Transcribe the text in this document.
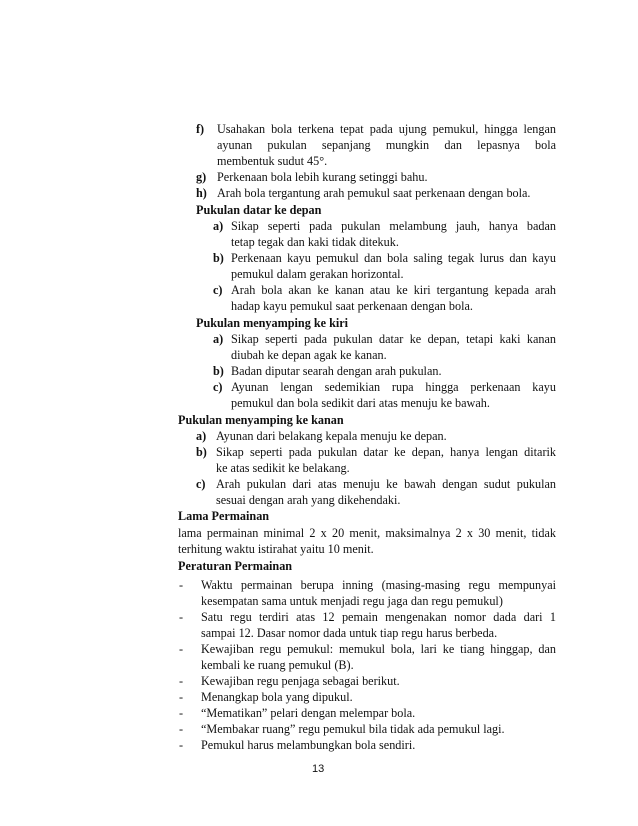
f) Usahakan bola terkena tepat pada ujung pemukul, hingga lengan
ayunan pukulan sepanjang mungkin dan lepasnya bola
membentuk sudut 45°.
g) Perkenaan bola lebih kurang setinggi bahu.
h) Arah bola tergantung arah pemukul saat perkenaan dengan bola.
Pukulan datar ke depan
a) Sikap seperti pada pukulan melambung jauh, hanya badan
tetap tegak dan kaki tidak ditekuk.
b) Perkenaan kayu pemukul dan bola saling tegak lurus dan kayu
pemukul dalam gerakan horizontal.
c) Arah bola akan ke kanan atau ke kiri tergantung kepada arah
hadap kayu pemukul saat perkenaan dengan bola.
Pukulan menyamping ke kiri
a) Sikap seperti pada pukulan datar ke depan, tetapi kaki kanan
diubah ke depan agak ke kanan.
b) Badan diputar searah dengan arah pukulan.
c) Ayunan lengan sedemikian rupa hingga perkenaan kayu
pemukul dan bola sedikit dari atas menuju ke bawah.
Pukulan menyamping ke kanan
a) Ayunan dari belakang kepala menuju ke depan.
b) Sikap seperti pada pukulan datar ke depan, hanya lengan ditarik
ke atas sedikit ke belakang.
c) Arah pukulan dari atas menuju ke bawah dengan sudut pukulan
sesuai dengan arah yang dikehendaki.
Lama Permainan
lama permainan minimal 2 x 20 menit, maksimalnya 2 x 30 menit, tidak
terhitung waktu istirahat yaitu 10 menit.
Peraturan Permainan
- Waktu permainan berupa inning (masing-masing regu mempunyai
kesempatan sama untuk menjadi regu jaga dan regu pemukul)
- Satu regu terdiri atas 12 pemain mengenakan nomor dada dari 1
sampai 12. Dasar nomor dada untuk tiap regu harus berbeda.
- Kewajiban regu pemukul: memukul bola, lari ke tiang hinggap, dan
kembali ke ruang pemukul (B).
- Kewajiban regu penjaga sebagai berikut.
- Menangkap bola yang dipukul.
- “Mematikan” pelari dengan melempar bola.
- “Membakar ruang” regu pemukul bila tidak ada pemukul lagi.
- Pemukul harus melambungkan bola sendiri.
13
